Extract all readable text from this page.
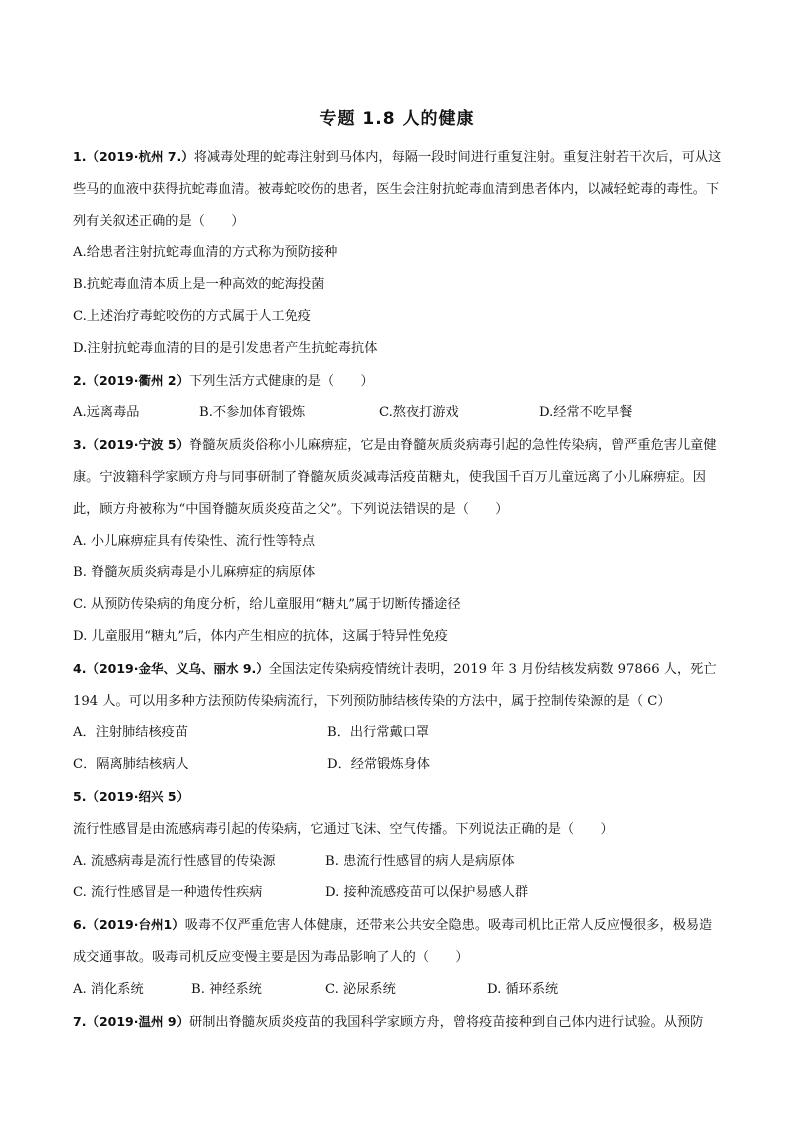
专题 1.8 人的健康

1.（2019·杭州 7.）将减毒处理的蛇毒注射到马体内，每隔一段时间进行重复注射。重复注射若干次后，可从这些马的血液中获得抗蛇毒血清。被毒蛇咬伤的患者，医生会注射抗蛇毒血清到患者体内，以减轻蛇毒的毒性。下列有关叙述正确的是（　　）

A.给患者注射抗蛇毒血清的方式称为预防接种

B.抗蛇毒血清本质上是一种高效的蛇海投菌

C.上述治疗毒蛇咬伤的方式属于人工免疫

D.注射抗蛇毒血清的目的是引发患者产生抗蛇毒抗体

2.（2019·衢州 2）下列生活方式健康的是（　　）

A.远离毒品	B.不参加体育锻炼	C.熬夜打游戏	D.经常不吃早餐

3.（2019·宁波 5）脊髓灰质炎俗称小儿麻痹症，它是由脊髓灰质炎病毒引起的急性传染病，曾严重危害儿童健康。宁波籍科学家顾方舟与同事研制了脊髓灰质炎减毒活疫苗糖丸，使我国千百万儿童远离了小儿麻痹症。因此，顾方舟被称为“中国脊髓灰质炎疫苗之父”。下列说法错误的是（　　）

A. 小儿麻痹症具有传染性、流行性等特点

B. 脊髓灰质炎病毒是小儿麻痹症的病原体

C. 从预防传染病的角度分析，给儿童服用“糖丸”属于切断传播途径

D. 儿童服用“糖丸”后，体内产生相应的抗体，这属于特异性免疫

4.（2019·金华、义乌、丽水 9.）全国法定传染病疫情统计表明，2019 年 3 月份结核发病数 97866 人，死亡 194 人。可以用多种方法预防传染病流行，下列预防肺结核传染的方法中，属于控制传染源的是（ C）

A．注射肺结核疫苗	B．出行常戴口罩
C．隔离肺结核病人	D．经常锻炼身体

5.（2019·绍兴 5）流行性感冒是由流感病毒引起的传染病，它通过飞沫、空气传播。下列说法正确的是（　　）

A. 流感病毒是流行性感冒的传染源	B. 患流行性感冒的病人是病原体
C. 流行性感冒是一种遗传性疾病	D. 接种流感疫苗可以保护易感人群

6.（2019·台州1）吸毒不仅严重危害人体健康，还带来公共安全隐患。吸毒司机比正常人反应慢很多，极易造成交通事故。吸毒司机反应变慢主要是因为毒品影响了人的（　　）

A. 消化系统	B. 神经系统	C. 泌尿系统	D. 循环系统

7.（2019·温州 9）研制出脊髓灰质炎疫苗的我国科学家顾方舟，曾将疫苗接种到自己体内进行试验。从预防
